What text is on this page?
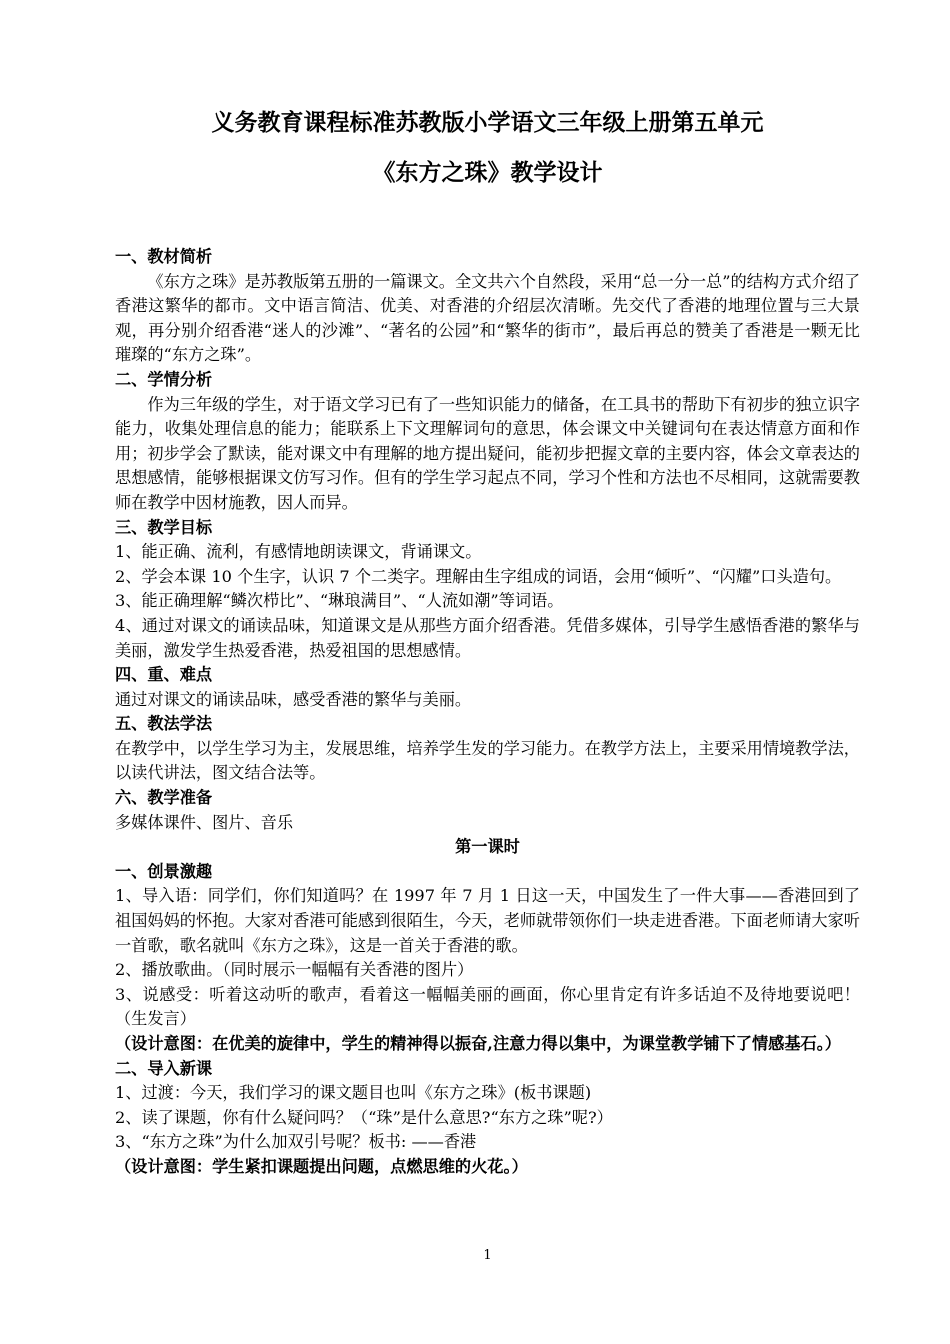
义务教育课程标准苏教版小学语文三年级上册第五单元
《东方之珠》教学设计

一、教材简析

《东方之珠》是苏教版第五册的一篇课文。全文共六个自然段，采用“总一分一总”的结构方式介绍了香港这繁华的都市。文中语言简洁、优美、对香港的介绍层次清晰。先交代了香港的地理位置与三大景观，再分别介绍香港“迷人的沙滩”、“著名的公园”和“繁华的街市”，最后再总的赞美了香港是一颗无比璀璨的“东方之珠”。

二、学情分析

作为三年级的学生，对于语文学习已有了一些知识能力的储备，在工具书的帮助下有初步的独立识字能力，收集处理信息的能力；能联系上下文理解词句的意思，体会课文中关键词句在表达情意方面和作用；初步学会了默读，能对课文中有理解的地方提出疑问，能初步把握文章的主要内容，体会文章表达的思想感情，能够根据课文仿写习作。但有的学生学习起点不同，学习个性和方法也不尽相同，这就需要教师在教学中因材施教，因人而异。

三、教学目标

1、能正确、流利，有感情地朗读课文，背诵课文。

2、学会本课 10 个生字，认识 7 个二类字。理解由生字组成的词语，会用“倾听”、“闪耀”口头造句。

3、能正确理解“鳞次栉比”、“琳琅满目”、“人流如潮”等词语。

4、通过对课文的诵读品味，知道课文是从那些方面介绍香港。凭借多媒体，引导学生感悟香港的繁华与美丽，激发学生热爱香港，热爱祖国的思想感情。

四、重、难点

通过对课文的诵读品味，感受香港的繁华与美丽。

五、教法学法

在教学中，以学生学习为主，发展思维，培养学生发的学习能力。在教学方法上，主要采用情境教学法，以读代讲法，图文结合法等。

六、教学准备

多媒体课件、图片、音乐

第一课时

一、创景激趣

1、导入语：同学们，你们知道吗？在 1997 年 7 月 1 日这一天，中国发生了一件大事——香港回到了祖国妈妈的怀抱。大家对香港可能感到很陌生，今天，老师就带领你们一块走进香港。下面老师请大家听一首歌，歌名就叫《东方之珠》，这是一首关于香港的歌。

2、播放歌曲。（同时展示一幅幅有关香港的图片）

3、说感受：听着这动听的歌声，看着这一幅幅美丽的画面，你心里肯定有许多话迫不及待地要说吧！（生发言）

（设计意图：在优美的旋律中，学生的精神得以振奋,注意力得以集中，为课堂教学铺下了情感基石。）

二、导入新课

1、过渡：今天，我们学习的课文题目也叫《东方之珠》(板书课题)

2、读了课题，你有什么疑问吗？（“珠”是什么意思?“东方之珠”呢?）

3、“东方之珠”为什么加双引号呢？板书: ——香港

（设计意图：学生紧扣课题提出问题，点燃思维的火花。）

1
